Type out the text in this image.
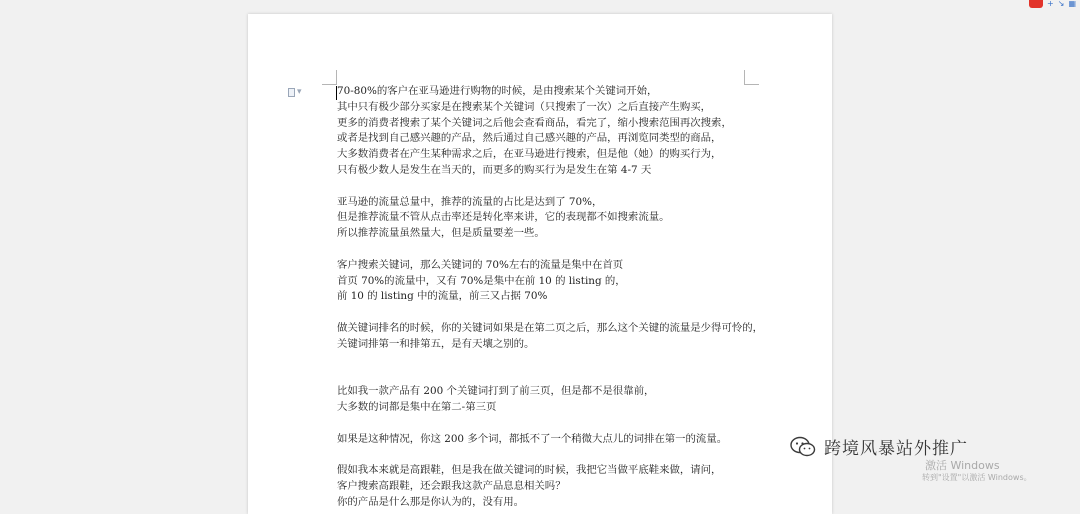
+ ↘ ▦
▾	70-80%的客户在亚马逊进行购物的时候，是由搜索某个关键词开始，

其中只有极少部分买家是在搜索某个关键词（只搜索了一次）之后直接产生购买，

更多的消费者搜索了某个关键词之后他会查看商品，看完了，缩小搜索范围再次搜索，

或者是找到自己感兴趣的产品，然后通过自己感兴趣的产品，再浏览同类型的商品，

大多数消费者在产生某种需求之后，在亚马逊进行搜索，但是他（她）的购买行为，

只有极少数人是发生在当天的，而更多的购买行为是发生在第 4-7 天

亚马逊的流量总量中，推荐的流量的占比是达到了 70%，

但是推荐流量不管从点击率还是转化率来讲，它的表现都不如搜索流量。

所以推荐流量虽然量大，但是质量要差一些。

客户搜索关键词，那么关键词的 70%左右的流量是集中在首页

首页 70%的流量中，又有 70%是集中在前 10 的 listing 的，

前 10 的 listing 中的流量，前三又占据 70%

做关键词排名的时候，你的关键词如果是在第二页之后，那么这个关键的流量是少得可怜的，

关键词排第一和排第五，是有天壤之别的。

比如我一款产品有 200 个关键词打到了前三页，但是都不是很靠前，

大多数的词都是集中在第二-第三页

如果是这种情况，你这 200 多个词，都抵不了一个稍微大点儿的词排在第一的流量。

假如我本来就是高跟鞋，但是我在做关键词的时候，我把它当做平底鞋来做，请问，

客户搜索高跟鞋，还会跟我这款产品息息相关吗？

你的产品是什么那是你认为的，没有用。

跨境风暴站外推广
激活 Windows
转到"设置"以激活 Windows。
